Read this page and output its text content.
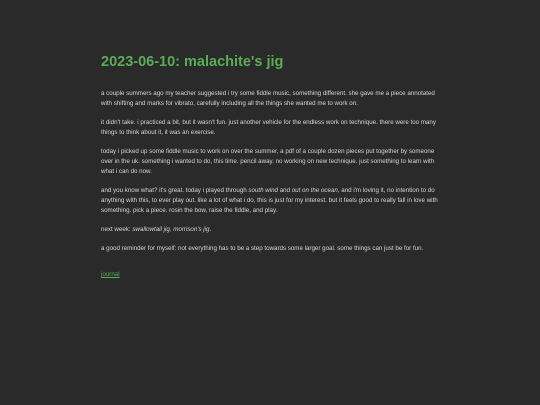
2023-06-10: malachite's jig

a couple summers ago my teacher suggested i try some fiddle music, something different. she gave me a piece annotated with shifting and marks for vibrato, carefully including all the things she wanted me to work on.

it didn't take. i practiced a bit, but it wasn't fun. just another vehicle for the endless work on technique. there were too many things to think about it, it was an exercise.

today i picked up some fiddle music to work on over the summer, a pdf of a couple dozen pieces put together by someone over in the uk. something i wanted to do, this time. pencil away. no working on new technique. just something to learn with what i can do now.

and you know what? it's great. today i played through south wind and out on the ocean, and i'm loving it, no intention to do anything with this, to ever play out. like a lot of what i do, this is just for my interest. but it feels good to really fall in love with something. pick a piece. rosin the bow, raise the fiddle, and play.

next week: swallowtail jig, morrison's jig.

a good reminder for myself: not everything has to be a step towards some larger goal. some things can just be for fun.

journal
